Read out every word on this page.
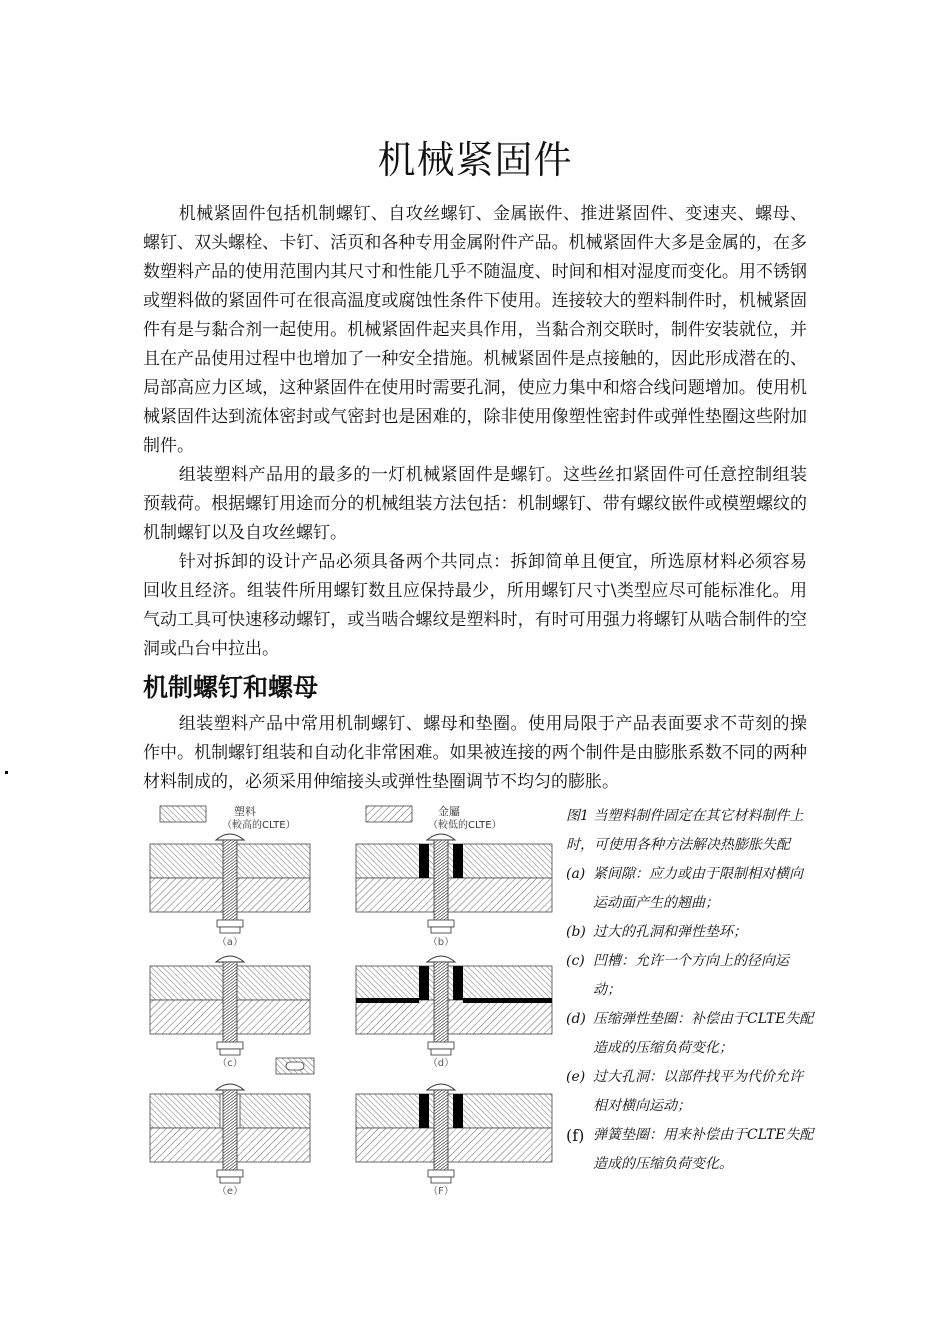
机械紧固件

机械紧固件包括机制螺钉、自攻丝螺钉、金属嵌件、推进紧固件、变速夹、螺母、螺钉、双头螺栓、卡钉、活页和各种专用金属附件产品。机械紧固件大多是金属的，在多数塑料产品的使用范围内其尺寸和性能几乎不随温度、时间和相对湿度而变化。用不锈钢或塑料做的紧固件可在很高温度或腐蚀性条件下使用。连接较大的塑料制件时，机械紧固件有是与黏合剂一起使用。机械紧固件起夹具作用，当黏合剂交联时，制件安装就位，并且在产品使用过程中也增加了一种安全措施。机械紧固件是点接触的，因此形成潜在的、局部高应力区域，这种紧固件在使用时需要孔洞，使应力集中和熔合线问题增加。使用机械紧固件达到流体密封或气密封也是困难的，除非使用像塑性密封件或弹性垫圈这些附加制件。

组装塑料产品用的最多的一灯机械紧固件是螺钉。这些丝扣紧固件可任意控制组装预载荷。根据螺钉用途而分的机械组装方法包括：机制螺钉、带有螺纹嵌件或模塑螺纹的机制螺钉以及自攻丝螺钉。

针对拆卸的设计产品必须具备两个共同点：拆卸简单且便宜，所选原材料必须容易回收且经济。组装件所用螺钉数且应保持最少，所用螺钉尺寸\类型应尽可能标准化。用气动工具可快速移动螺钉，或当啮合螺纹是塑料时，有时可用强力将螺钉从啮合制件的空洞或凸台中拉出。

机制螺钉和螺母

组装塑料产品中常用机制螺钉、螺母和垫圈。使用局限于产品表面要求不苛刻的操作中。机制螺钉组装和自动化非常困难。如果被连接的两个制件是由膨胀系数不同的两种材料制成的，必须采用伸缩接头或弹性垫圈调节不均匀的膨胀。

塑料
（較高的CLTE）
金屬
（較低的CLTE）
（a）	（b）
（c）	（d）
（e）	（F）
图1 当塑料制件固定在其它材料制件上时，可使用各种方法解决热膨胀失配
(a) 紧间隙：应力或由于限制相对横向运动面产生的翘曲；
(b) 过大的孔洞和弹性垫环；
(c) 凹槽：允许一个方向上的径向运动；
(d) 压缩弹性垫圈：补偿由于CLTE失配造成的压缩负荷变化；
(e) 过大孔洞：以部件找平为代价允许相对横向运动；
(f) 弹簧垫圈：用来补偿由于CLTE失配造成的压缩负荷变化。
